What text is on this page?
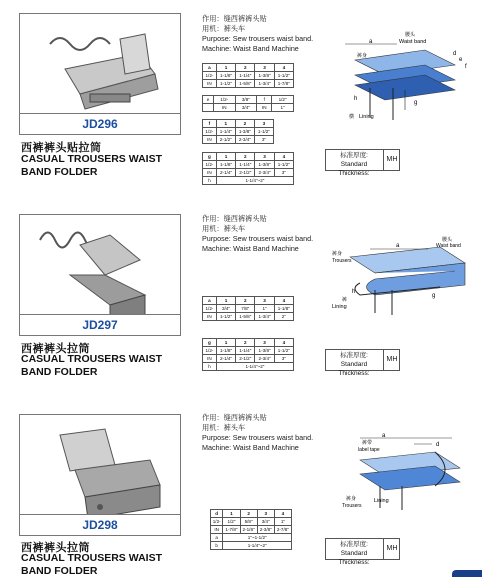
JD296
西裤裤头贴拉筒
CASUAL TROUSERS WAIST BAND FOLDER
作用：缝西裤裤头贴
用机：裤头车
Purpose: Sew trousers waist band.
Machine: Waist Band Machine
a	1	2	3	4
1/2-	1-1/8"	1-1/4"	1-3/8"	1-1/2"
IN	1-1/2"	1-5/8"	1-3/4"	1-7/8"
e	1/2-	3/8"	f	1/2"
	IN	3/4"	IN	1"
f	1	2	3
1/2-	1-1/4"	1-3/8"	1-1/2"
IN	2-1/2"	2-3/4"	3"
g	1	2	3	4
1/2-	1-1/8"	1-1/4"	1-3/8"	1-1/2"
IN	2-1/4"	2-1/2"	2-3/4"	3"
h	1-1/4"~2"			
a
腰头
Waist band
裤身	d
e
f
h
g
横 Lining
标准厚度:
Standard Thickness:
MH
JD297
西裤裤头拉筒
CASUAL TROUSERS WAIST BAND FOLDER
作用：缝西裤裤头贴
用机：裤头车
Purpose: Sew trousers waist band.
Machine: Waist Band Machine
a	1	2	3	4
1/2-	3/4"	7/8"	1"	1-1/8"
IN	1-1/2"	1-5/8"	1-3/4"	2"
g	1	2	3	4
1/2-	1-1/8"	1-1/4"	1-3/8"	1-1/2"
IN	2-1/4"	2-1/2"	2-3/4"	3"
h	1-1/4"~2"			
a
腰头
Waist band
裤身
Trousers
h
g
裤
Lining
标准厚度:
Standard Thickness:
MH
JD298
西裤裤头拉筒
CASUAL TROUSERS WAIST BAND FOLDER
作用：缝西裤裤头贴
用机：裤头车
Purpose: Sew trousers waist band.
Machine: Waist Band Machine
d	1	2	3	4
1/2-	1/2"	5/8"	3/4"	1"
IN	1-7/8"	2-1/8"	2-3/8"	2-7/8"
a	1"~1-1/2"			
b	1-1/4"~2"			
a
d
裤带
label tape
裤身
Trousers
Lining
标准厚度:
Standard Thickness:
MH
